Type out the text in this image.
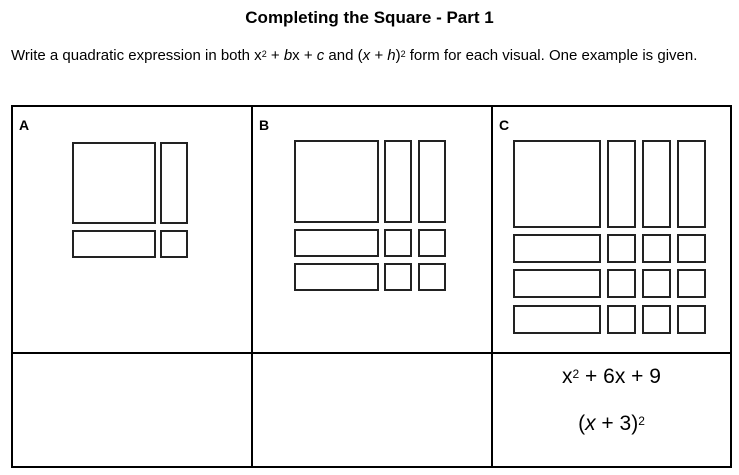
Completing the Square - Part 1
Write a quadratic expression in both $x^2$ + bx + c and $(x + h)^2$ form for each visual. One example is given.
A	B	C
$x^2 + 6x + 9$
$(x + 3)^2$
